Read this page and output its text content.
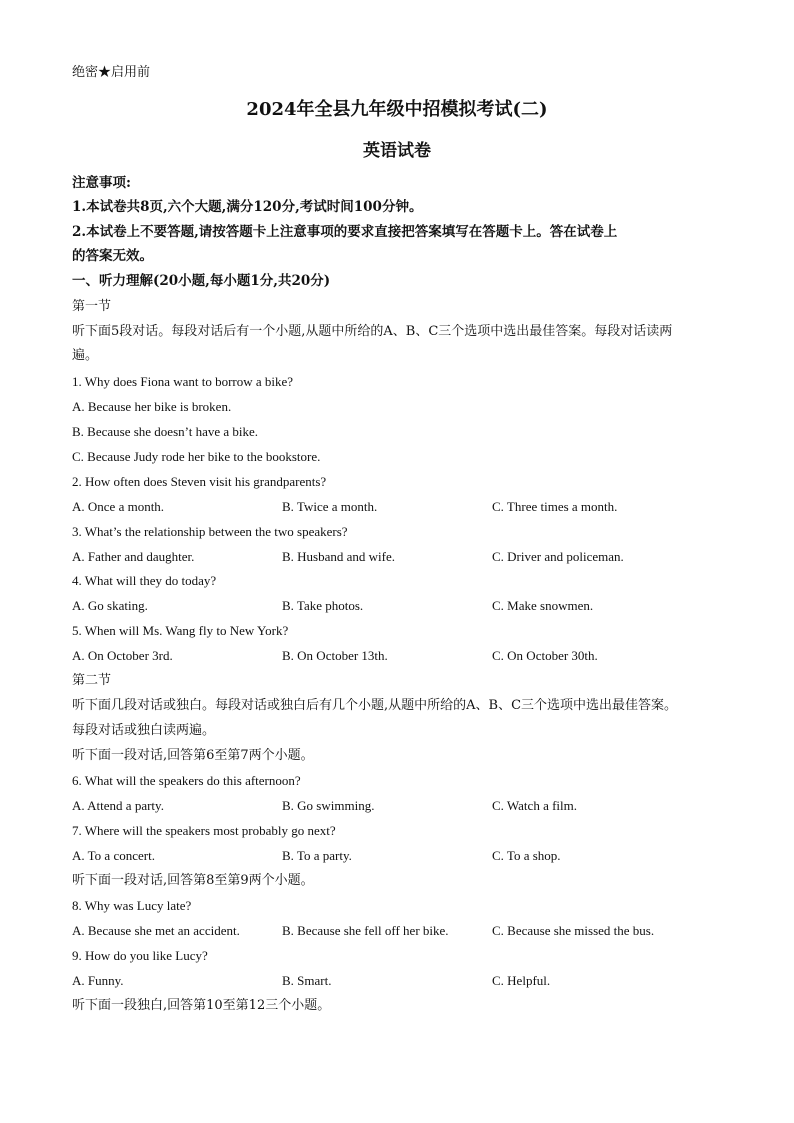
绝密★启用前
2024年全县九年级中招模拟考试(二)
英语试卷
注意事项:
1.本试卷共8页,六个大题,满分120分,考试时间100分钟。
2.本试卷上不要答题,请按答题卡上注意事项的要求直接把答案填写在答题卡上。答在试卷上
的答案无效。
一、听力理解(20小题,每小题1分,共20分)
第一节
听下面5段对话。每段对话后有一个小题,从题中所给的A、B、C三个选项中选出最佳答案。每段对话读两
遍。
1. Why does Fiona want to borrow a bike?
A. Because her bike is broken.
B. Because she doesn’t have a bike.
C. Because Judy rode her bike to the bookstore.
2. How often does Steven visit his grandparents?
A. Once a month.	B. Twice a month.	C. Three times a month.
3. What’s the relationship between the two speakers?
A. Father and daughter.	B. Husband and wife.	C. Driver and policeman.
4. What will they do today?
A. Go skating.	B. Take photos.	C. Make snowmen.
5. When will Ms. Wang fly to New York?
A. On October 3rd.	B. On October 13th.	C. On October 30th.
第二节
听下面几段对话或独白。每段对话或独白后有几个小题,从题中所给的A、B、C三个选项中选出最佳答案。
每段对话或独白读两遍。
听下面一段对话,回答第6至第7两个小题。
6. What will the speakers do this afternoon?
A. Attend a party.	B. Go swimming.	C. Watch a film.
7. Where will the speakers most probably go next?
A. To a concert.	B. To a party.	C. To a shop.
听下面一段对话,回答第8至第9两个小题。
8. Why was Lucy late?
A. Because she met an accident.	B. Because she fell off her bike.	C. Because she missed the bus.
9. How do you like Lucy?
A. Funny.	B. Smart.	C. Helpful.
听下面一段独白,回答第10至第12三个小题。
